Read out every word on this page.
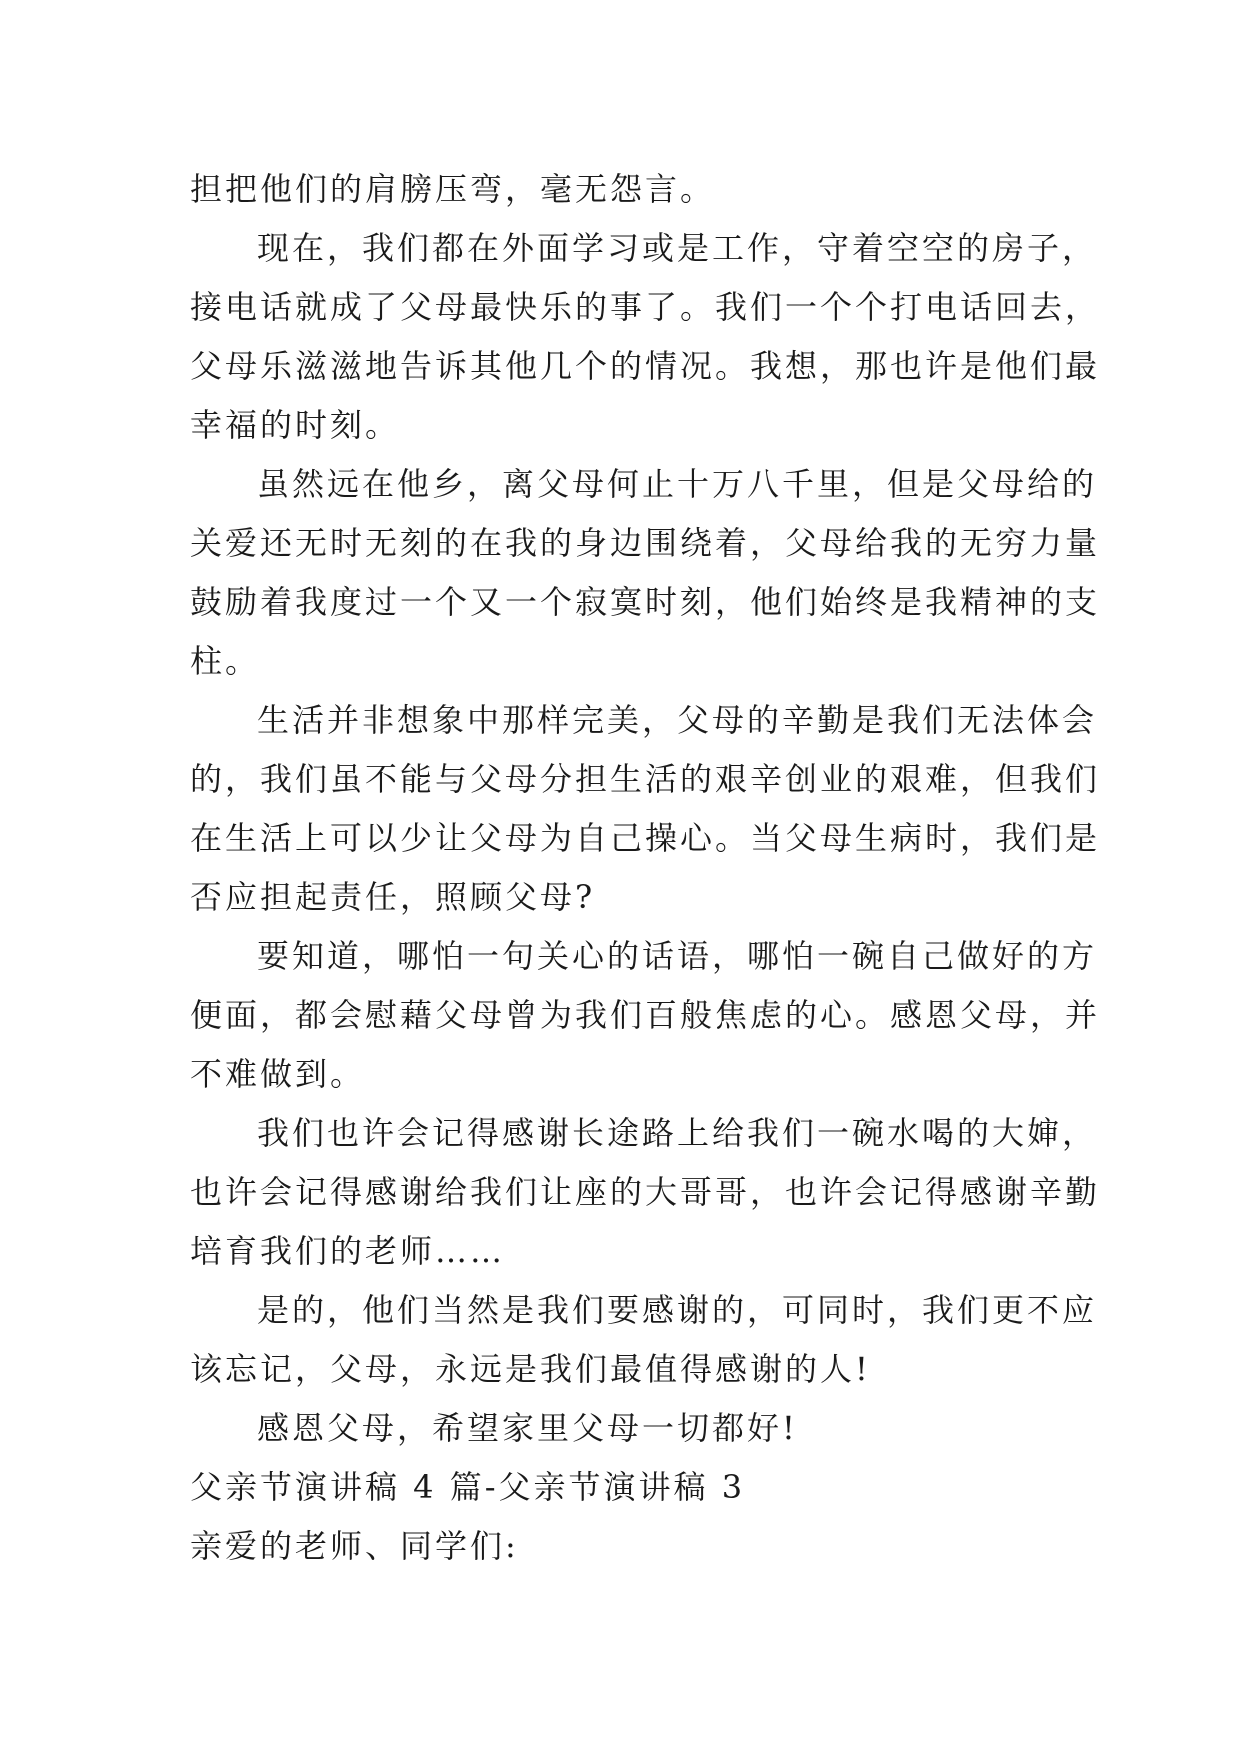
担把他们的肩膀压弯，毫无怨言。
现在，我们都在外面学习或是工作，守着空空的房子，
接电话就成了父母最快乐的事了。我们一个个打电话回去，
父母乐滋滋地告诉其他几个的情况。我想，那也许是他们最
幸福的时刻。
虽然远在他乡，离父母何止十万八千里，但是父母给的
关爱还无时无刻的在我的身边围绕着，父母给我的无穷力量
鼓励着我度过一个又一个寂寞时刻，他们始终是我精神的支
柱。
生活并非想象中那样完美，父母的辛勤是我们无法体会
的，我们虽不能与父母分担生活的艰辛创业的艰难，但我们
在生活上可以少让父母为自己操心。当父母生病时，我们是
否应担起责任，照顾父母?
要知道，哪怕一句关心的话语，哪怕一碗自己做好的方
便面，都会慰藉父母曾为我们百般焦虑的心。感恩父母，并
不难做到。
我们也许会记得感谢长途路上给我们一碗水喝的大婶，
也许会记得感谢给我们让座的大哥哥，也许会记得感谢辛勤
培育我们的老师……
是的，他们当然是我们要感谢的，可同时，我们更不应
该忘记，父母，永远是我们最值得感谢的人!
感恩父母，希望家里父母一切都好!
父亲节演讲稿 4 篇-父亲节演讲稿 3
亲爱的老师、同学们:
